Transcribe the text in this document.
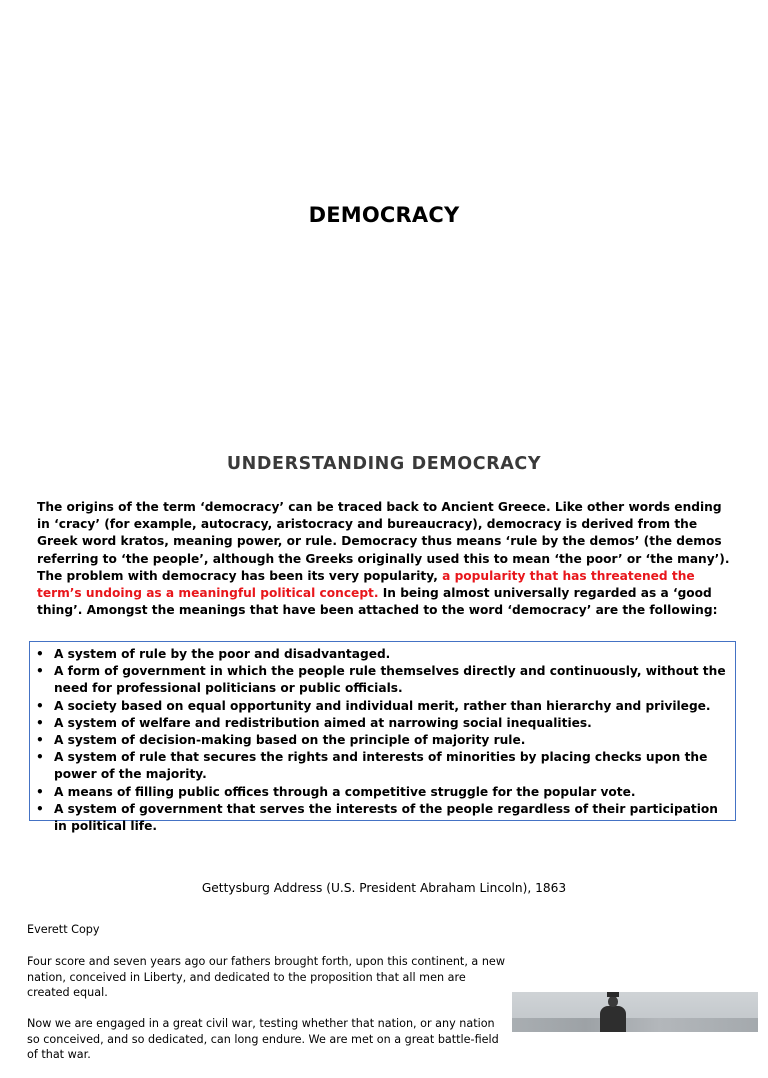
DEMOCRACY
UNDERSTANDING DEMOCRACY

The origins of the term ‘democracy’ can be traced back to Ancient Greece. Like other words ending in ‘cracy’ (for example, autocracy, aristocracy and bureaucracy), democracy is derived from the Greek word kratos, meaning power, or rule. Democracy thus means ‘rule by the demos’ (the demos referring to ‘the people’, although the Greeks originally used this to mean ‘the poor’ or ‘the many’).

The problem with democracy has been its very popularity, a popularity that has threatened the term’s undoing as a meaningful political concept. In being almost universally regarded as a ‘good thing’. Amongst the meanings that have been attached to the word ‘democracy’ are the following:

• A system of rule by the poor and disadvantaged.
• A form of government in which the people rule themselves directly and continuously, without the need for professional politicians or public officials.
• A society based on equal opportunity and individual merit, rather than hierarchy and privilege.
• A system of welfare and redistribution aimed at narrowing social inequalities.
• A system of decision-making based on the principle of majority rule.
• A system of rule that secures the rights and interests of minorities by placing checks upon the power of the majority.
• A means of filling public offices through a competitive struggle for the popular vote.
• A system of government that serves the interests of the people regardless of their participation in political life.

Gettysburg Address (U.S. President Abraham Lincoln), 1863

Everett Copy

Four score and seven years ago our fathers brought forth, upon this continent, a new nation, conceived in Liberty, and dedicated to the proposition that all men are created equal.

Now we are engaged in a great civil war, testing whether that nation, or any nation so conceived, and so dedicated, can long endure. We are met on a great battle-field of that war.
